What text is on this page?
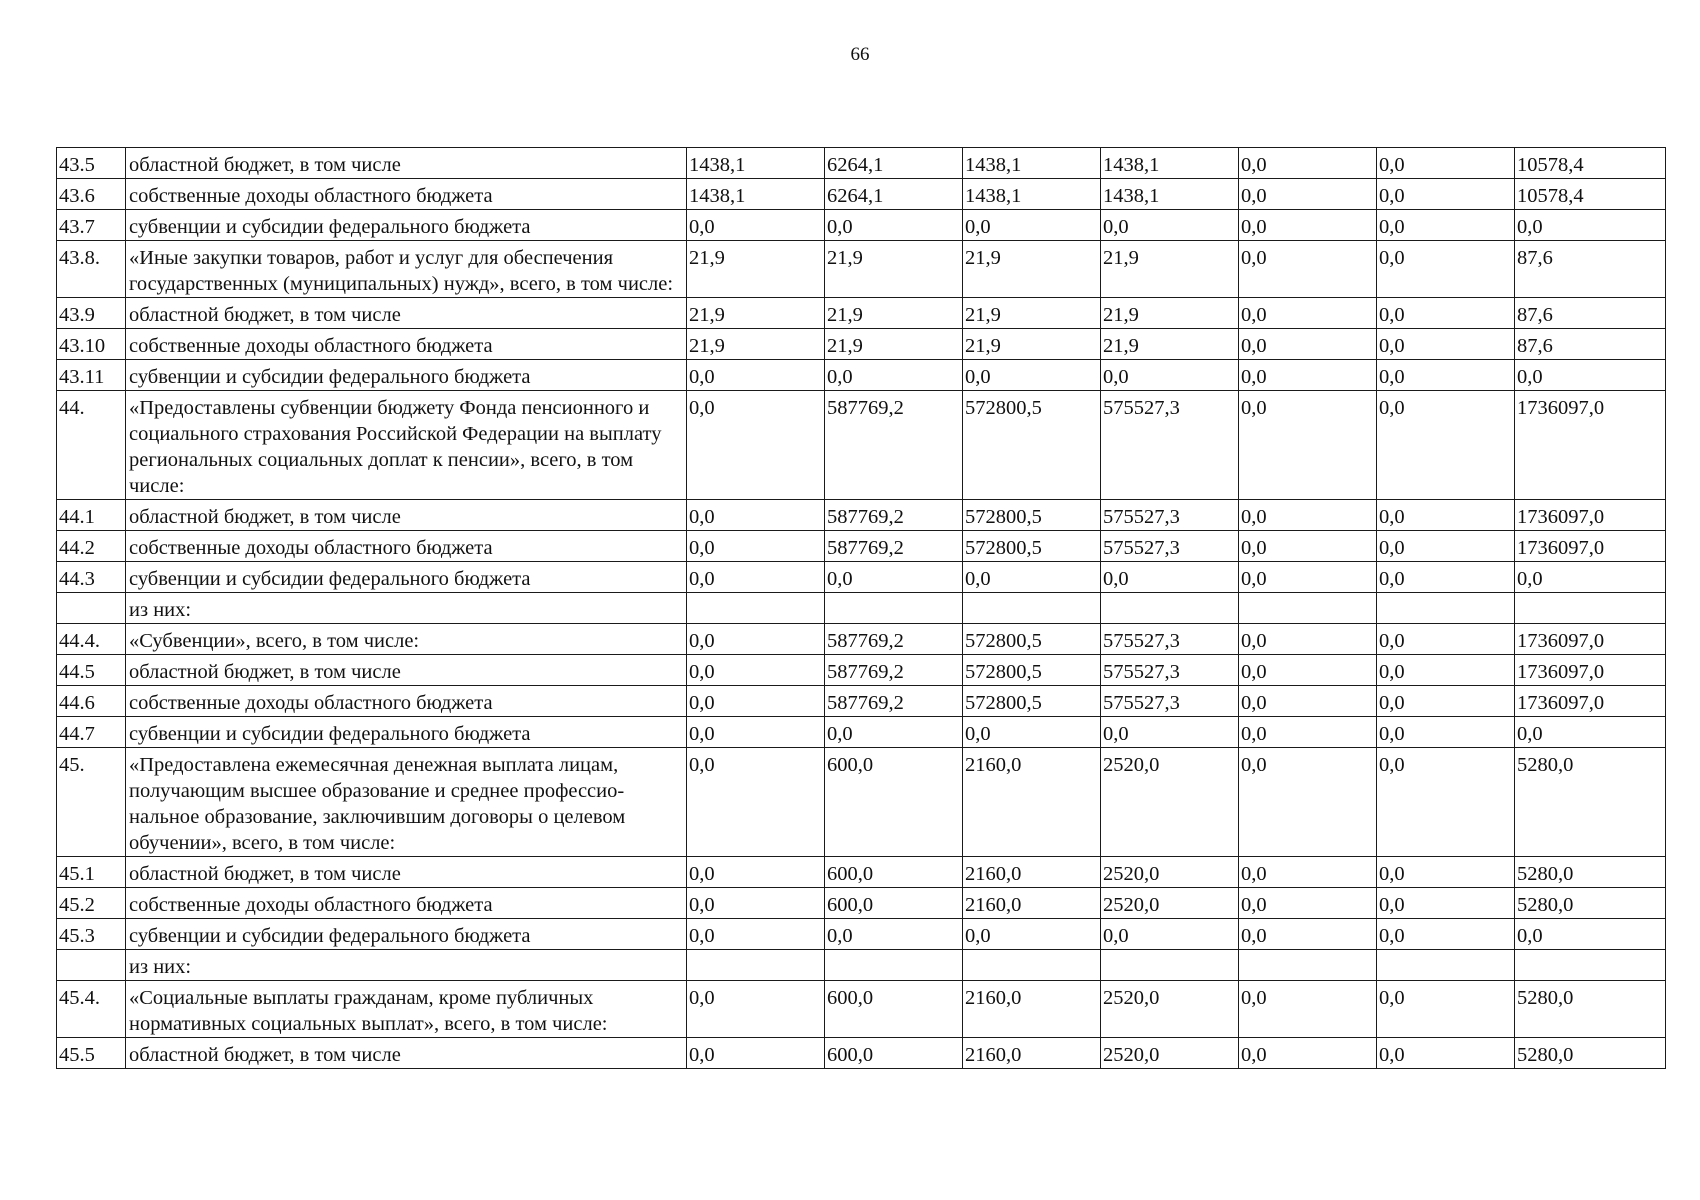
66
43.5	областной бюджет, в том числе	1438,1	6264,1	1438,1	1438,1	0,0	0,0	10578,4
43.6	собственные доходы областного бюджета	1438,1	6264,1	1438,1	1438,1	0,0	0,0	10578,4
43.7	субвенции и субсидии федерального бюджета	0,0	0,0	0,0	0,0	0,0	0,0	0,0
43.8.	«Иные закупки товаров, работ и услуг для обеспечения государственных (муниципальных) нужд», всего, в том числе:	21,9	21,9	21,9	21,9	0,0	0,0	87,6
43.9	областной бюджет, в том числе	21,9	21,9	21,9	21,9	0,0	0,0	87,6
43.10	собственные доходы областного бюджета	21,9	21,9	21,9	21,9	0,0	0,0	87,6
43.11	субвенции и субсидии федерального бюджета	0,0	0,0	0,0	0,0	0,0	0,0	0,0
44.	«Предоставлены субвенции бюджету Фонда пенсионного и социального страхования Российской Федерации на выплату региональных социальных доплат к пенсии», всего, в том числе:	0,0	587769,2	572800,5	575527,3	0,0	0,0	1736097,0
44.1	областной бюджет, в том числе	0,0	587769,2	572800,5	575527,3	0,0	0,0	1736097,0
44.2	собственные доходы областного бюджета	0,0	587769,2	572800,5	575527,3	0,0	0,0	1736097,0
44.3	субвенции и субсидии федерального бюджета	0,0	0,0	0,0	0,0	0,0	0,0	0,0
	из них:							
44.4.	«Субвенции», всего, в том числе:	0,0	587769,2	572800,5	575527,3	0,0	0,0	1736097,0
44.5	областной бюджет, в том числе	0,0	587769,2	572800,5	575527,3	0,0	0,0	1736097,0
44.6	собственные доходы областного бюджета	0,0	587769,2	572800,5	575527,3	0,0	0,0	1736097,0
44.7	субвенции и субсидии федерального бюджета	0,0	0,0	0,0	0,0	0,0	0,0	0,0
45.	«Предоставлена ежемесячная денежная выплата лицам, получающим высшее образование и среднее профессио-нальное образование, заключившим договоры о целевом обучении», всего, в том числе:	0,0	600,0	2160,0	2520,0	0,0	0,0	5280,0
45.1	областной бюджет, в том числе	0,0	600,0	2160,0	2520,0	0,0	0,0	5280,0
45.2	собственные доходы областного бюджета	0,0	600,0	2160,0	2520,0	0,0	0,0	5280,0
45.3	субвенции и субсидии федерального бюджета	0,0	0,0	0,0	0,0	0,0	0,0	0,0
	из них:							
45.4.	«Социальные выплаты гражданам, кроме публичных нормативных социальных выплат», всего, в том числе:	0,0	600,0	2160,0	2520,0	0,0	0,0	5280,0
45.5	областной бюджет, в том числе	0,0	600,0	2160,0	2520,0	0,0	0,0	5280,0
